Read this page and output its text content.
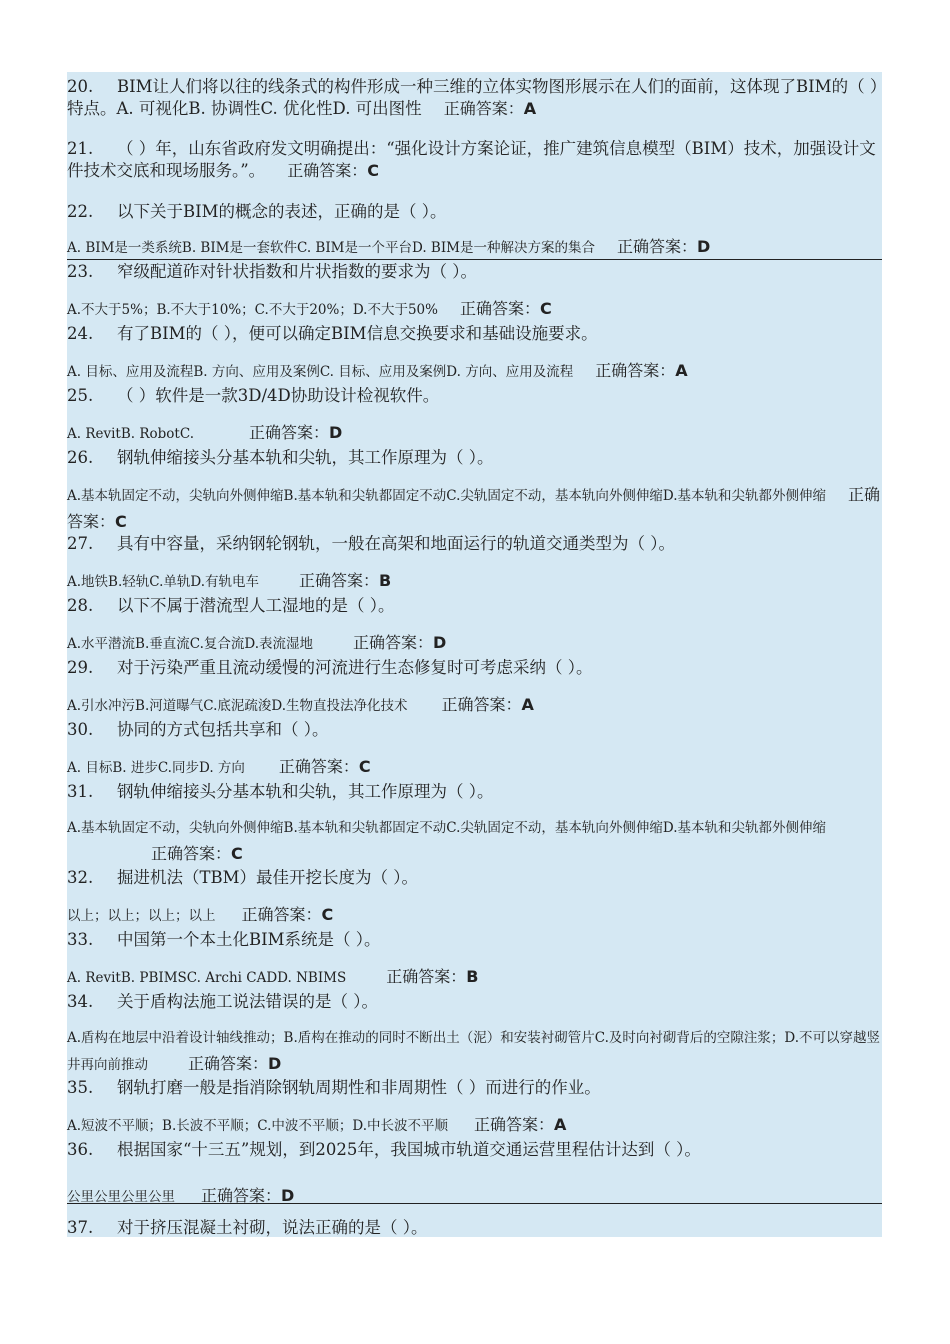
20. BIM让人们将以往的线条式的构件形成一种三维的立体实物图形展示在人们的面前，这体现了BIM的（ ）特点。A. 可视化B. 协调性C. 优化性D. 可出图性 正确答案：A
21. （ ）年，山东省政府发文明确提出：“强化设计方案论证，推广建筑信息模型（BIM）技术，加强设计文件技术交底和现场服务。”。 正确答案：C
22. 以下关于BIM的概念的表述，正确的是（ ）。
A. BIM是一类系统B. BIM是一套软件C. BIM是一个平台D. BIM是一种解决方案的集合 正确答案：D
23. 窄级配道砟对针状指数和片状指数的要求为（ ）。
A.不大于5%；B.不大于10%；C.不大于20%；D.不大于50% 正确答案：C
24. 有了BIM的（ ），便可以确定BIM信息交换要求和基础设施要求。
A. 目标、应用及流程B. 方向、应用及案例C. 目标、应用及案例D. 方向、应用及流程 正确答案：A
25. （ ）软件是一款3D/4D协助设计检视软件。
A. RevitB. RobotC.	正确答案：D
26. 钢轨伸缩接头分基本轨和尖轨，其工作原理为（ ）。
A.基本轨固定不动，尖轨向外侧伸缩B.基本轨和尖轨都固定不动C.尖轨固定不动，基本轨向外侧伸缩D.基本轨和尖轨都外侧伸缩 正确答案：C
27. 具有中容量，采纳钢轮钢轨，一般在高架和地面运行的轨道交通类型为（ ）。
A.地铁B.轻轨C.单轨D.有轨电车	正确答案：B
28. 以下不属于潜流型人工湿地的是（ ）。
A.水平潜流B.垂直流C.复合流D.表流湿地	正确答案：D
29. 对于污染严重且流动缓慢的河流进行生态修复时可考虑采纳（ ）。
A.引水冲污B.河道曝气C.底泥疏浚D.生物直投法净化技术 正确答案：A
30. 协同的方式包括共享和（ ）。
A. 目标B. 进步C.同步D. 方向 正确答案：C
31. 钢轨伸缩接头分基本轨和尖轨，其工作原理为（ ）。
A.基本轨固定不动，尖轨向外侧伸缩B.基本轨和尖轨都固定不动C.尖轨固定不动，基本轨向外侧伸缩D.基本轨和尖轨都外侧伸缩正确答案：C
32. 掘进机法（TBM）最佳开挖长度为（ ）。
以上；以上；以上；以上 正确答案：C
33. 中国第一个本土化BIM系统是（ ）。
A. RevitB. PBIMSC. Archi CADD. NBIMS	正确答案：B
34. 关于盾构法施工说法错误的是（ ）。
A.盾构在地层中沿着设计轴线推动；B.盾构在推动的同时不断出土（泥）和安装衬砌管片C.及时向衬砌背后的空隙注浆；D.不可以穿越竖井再向前推动	正确答案：D
35. 钢轨打磨一般是指消除钢轨周期性和非周期性（ ）而进行的作业。
A.短波不平顺；B.长波不平顺；C.中波不平顺；D.中长波不平顺 正确答案：A
36. 根据国家“十三五”规划，到2025年，我国城市轨道交通运营里程估计达到（ ）。
公里公里公里公里 正确答案：D
37. 对于挤压混凝土衬砌，说法正确的是（ ）。
